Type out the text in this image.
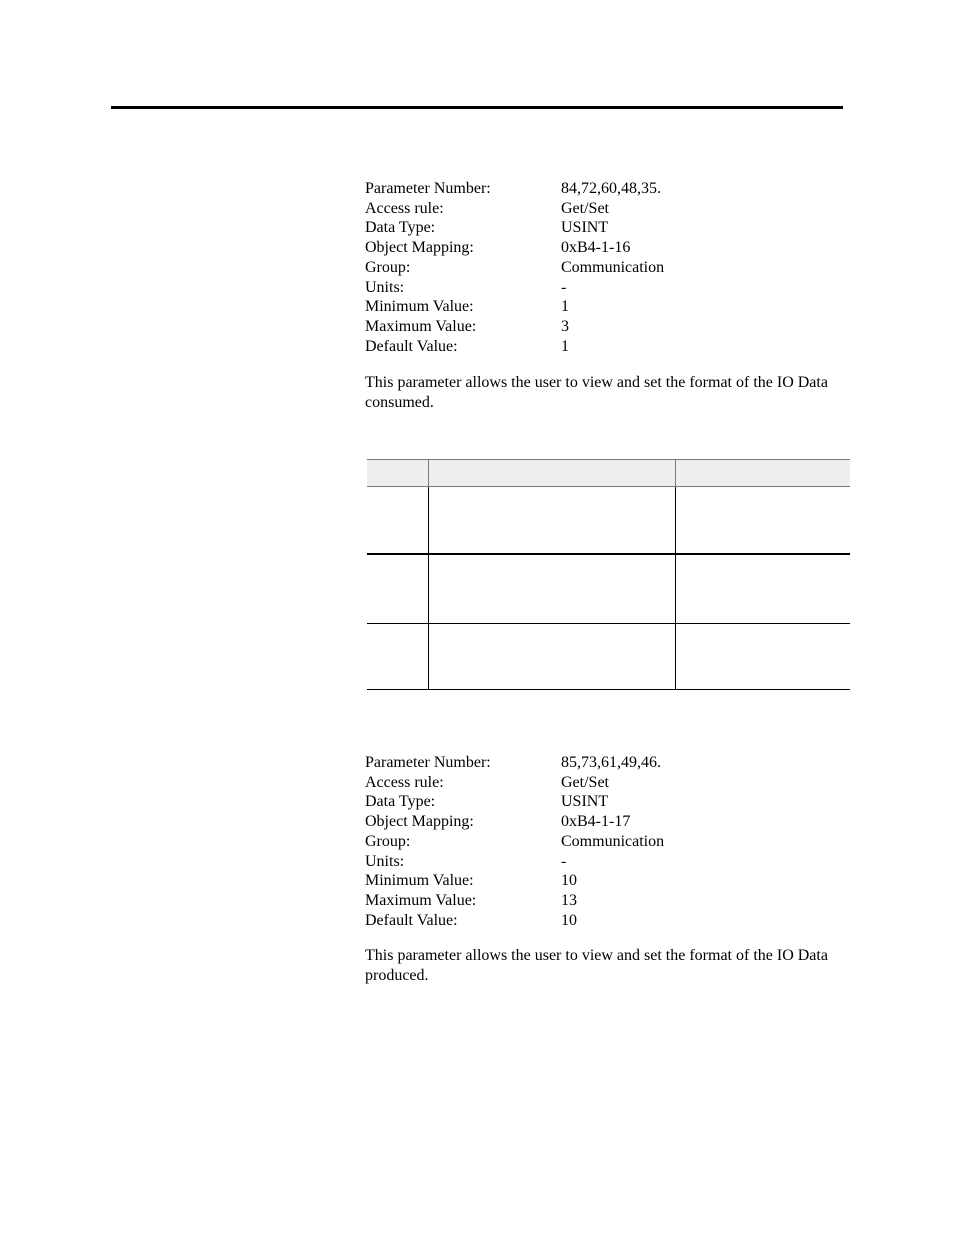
Parameter Number:	84,72,60,48,35.
Access rule:	Get/Set
Data Type:	USINT
Object Mapping:	0xB4-1-16
Group:	Communication
Units:	-
Minimum Value:	1
Maximum Value:	3
Default Value:	1
This parameter allows the user to view and set the format of the IO Data consumed.
Parameter Number:	85,73,61,49,46.
Access rule:	Get/Set
Data Type:	USINT
Object Mapping:	0xB4-1-17
Group:	Communication
Units:	-
Minimum Value:	10
Maximum Value:	13
Default Value:	10
This parameter allows the user to view and set the format of the IO Data produced.
